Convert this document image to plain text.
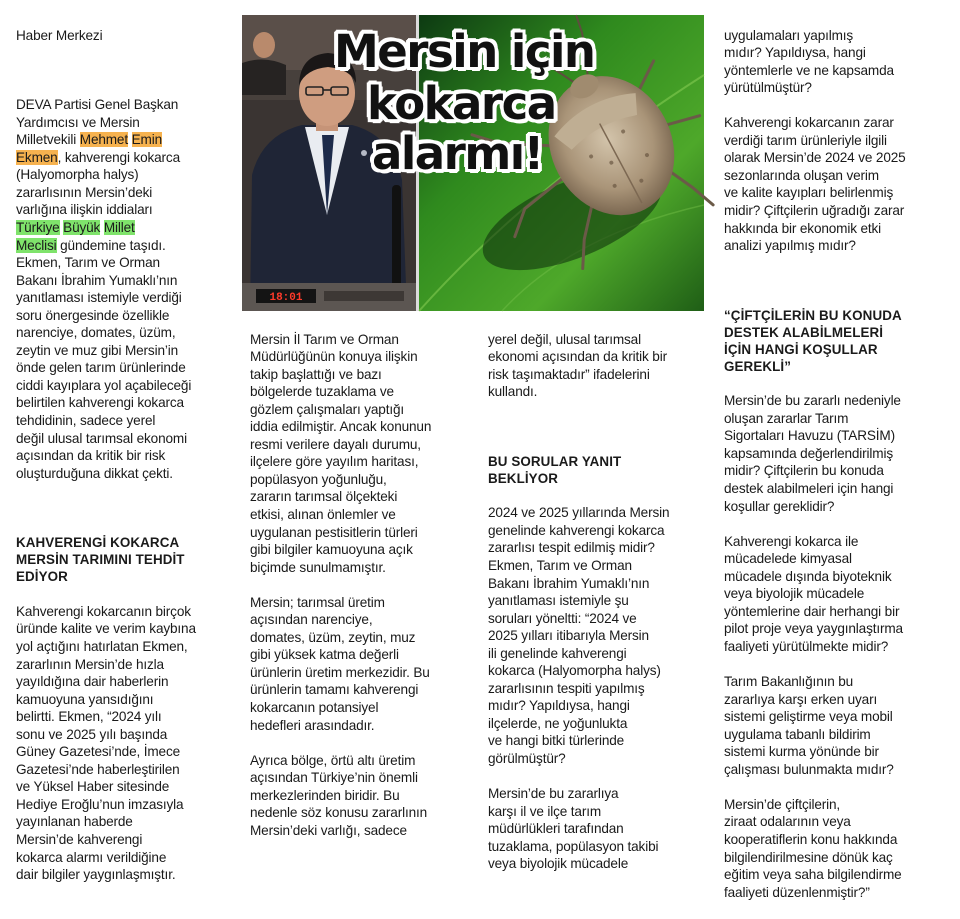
Haber Merkezi

DEVA Partisi Genel Başkan
Yardımcısı ve Mersin
Milletvekili Mehmet Emin
Ekmen, kahverengi kokarca
(Halyomorpha halys)
zararlısının Mersin’deki
varlığına ilişkin iddiaları
Türkiye Büyük Millet
Meclisi gündemine taşıdı.
Ekmen, Tarım ve Orman
Bakanı İbrahim Yumaklı’nın
yanıtlaması istemiyle verdiği
soru önergesinde özellikle
narenciye, domates, üzüm,
zeytin ve muz gibi Mersin’in
önde gelen tarım ürünlerinde
ciddi kayıplara yol açabileceği
belirtilen kahverengi kokarca
tehdidinin, sadece yerel
değil ulusal tarımsal ekonomi
açısından da kritik bir risk
oluşturduğuna dikkat çekti.

KAHVERENGİ KOKARCA
MERSİN TARIMINI TEHDİT
EDİYOR

Kahverengi kokarcanın birçok
üründe kalite ve verim kaybına
yol açtığını hatırlatan Ekmen,
zararlının Mersin’de hızla
yayıldığına dair haberlerin
kamuoyuna yansıdığını
belirtti. Ekmen, “2024 yılı
sonu ve 2025 yılı başında
Güney Gazetesi’nde, İmece
Gazetesi’nde haberleştirilen
ve Yüksel Haber sitesinde
Hediye Eroğlu’nun imzasıyla
yayınlanan haberde
Mersin’de kahverengi
kokarca alarmı verildiğine
dair bilgiler yaygınlaşmıştır.

18:01
Mersin için
kokarca
alarmı!

Mersin İl Tarım ve Orman
Müdürlüğünün konuya ilişkin
takip başlattığı ve bazı
bölgelerde tuzaklama ve
gözlem çalışmaları yaptığı
iddia edilmiştir. Ancak konunun
resmi verilere dayalı durumu,
ilçelere göre yayılım haritası,
popülasyon yoğunluğu,
zararın tarımsal ölçekteki
etkisi, alınan önlemler ve
uygulanan pestisitlerin türleri
gibi bilgiler kamuoyuna açık
biçimde sunulmamıştır.

Mersin; tarımsal üretim
açısından narenciye,
domates, üzüm, zeytin, muz
gibi yüksek katma değerli
ürünlerin üretim merkezidir. Bu
ürünlerin tamamı kahverengi
kokarcanın potansiyel
hedefleri arasındadır.

Ayrıca bölge, örtü altı üretim
açısından Türkiye’nin önemli
merkezlerinden biridir. Bu
nedenle söz konusu zararlının
Mersin’deki varlığı, sadece

yerel değil, ulusal tarımsal
ekonomi açısından da kritik bir
risk taşımaktadır” ifadelerini
kullandı.

BU SORULAR YANIT
BEKLİYOR

2024 ve 2025 yıllarında Mersin
genelinde kahverengi kokarca
zararlısı tespit edilmiş midir?
Ekmen, Tarım ve Orman
Bakanı İbrahim Yumaklı’nın
yanıtlaması istemiyle şu
soruları yöneltti: “2024 ve
2025 yılları itibarıyla Mersin
ili genelinde kahverengi
kokarca (Halyomorpha halys)
zararlısının tespiti yapılmış
mıdır? Yapıldıysa, hangi
ilçelerde, ne yoğunlukta
ve hangi bitki türlerinde
görülmüştür?

Mersin’de bu zararlıya
karşı il ve ilçe tarım
müdürlükleri tarafından
tuzaklama, popülasyon takibi
veya biyolojik mücadele

uygulamaları yapılmış
mıdır? Yapıldıysa, hangi
yöntemlerle ve ne kapsamda
yürütülmüştür?

Kahverengi kokarcanın zarar
verdiği tarım ürünleriyle ilgili
olarak Mersin’de 2024 ve 2025
sezonlarında oluşan verim
ve kalite kayıpları belirlenmiş
midir? Çiftçilerin uğradığı zarar
hakkında bir ekonomik etki
analizi yapılmış mıdır?

“ÇİFTÇİLERİN BU KONUDA
DESTEK ALABİLMELERİ
İÇİN HANGİ KOŞULLAR
GEREKLİ”

Mersin’de bu zararlı nedeniyle
oluşan zararlar Tarım
Sigortaları Havuzu (TARSİM)
kapsamında değerlendirilmiş
midir? Çiftçilerin bu konuda
destek alabilmeleri için hangi
koşullar gereklidir?

Kahverengi kokarca ile
mücadelede kimyasal
mücadele dışında biyoteknik
veya biyolojik mücadele
yöntemlerine dair herhangi bir
pilot proje veya yaygınlaştırma
faaliyeti yürütülmekte midir?

Tarım Bakanlığının bu
zararlıya karşı erken uyarı
sistemi geliştirme veya mobil
uygulama tabanlı bildirim
sistemi kurma yönünde bir
çalışması bulunmakta mıdır?

Mersin’de çiftçilerin,
ziraat odalarının veya
kooperatiflerin konu hakkında
bilgilendirilmesine dönük kaç
eğitim veya saha bilgilendirme
faaliyeti düzenlenmiştir?”
